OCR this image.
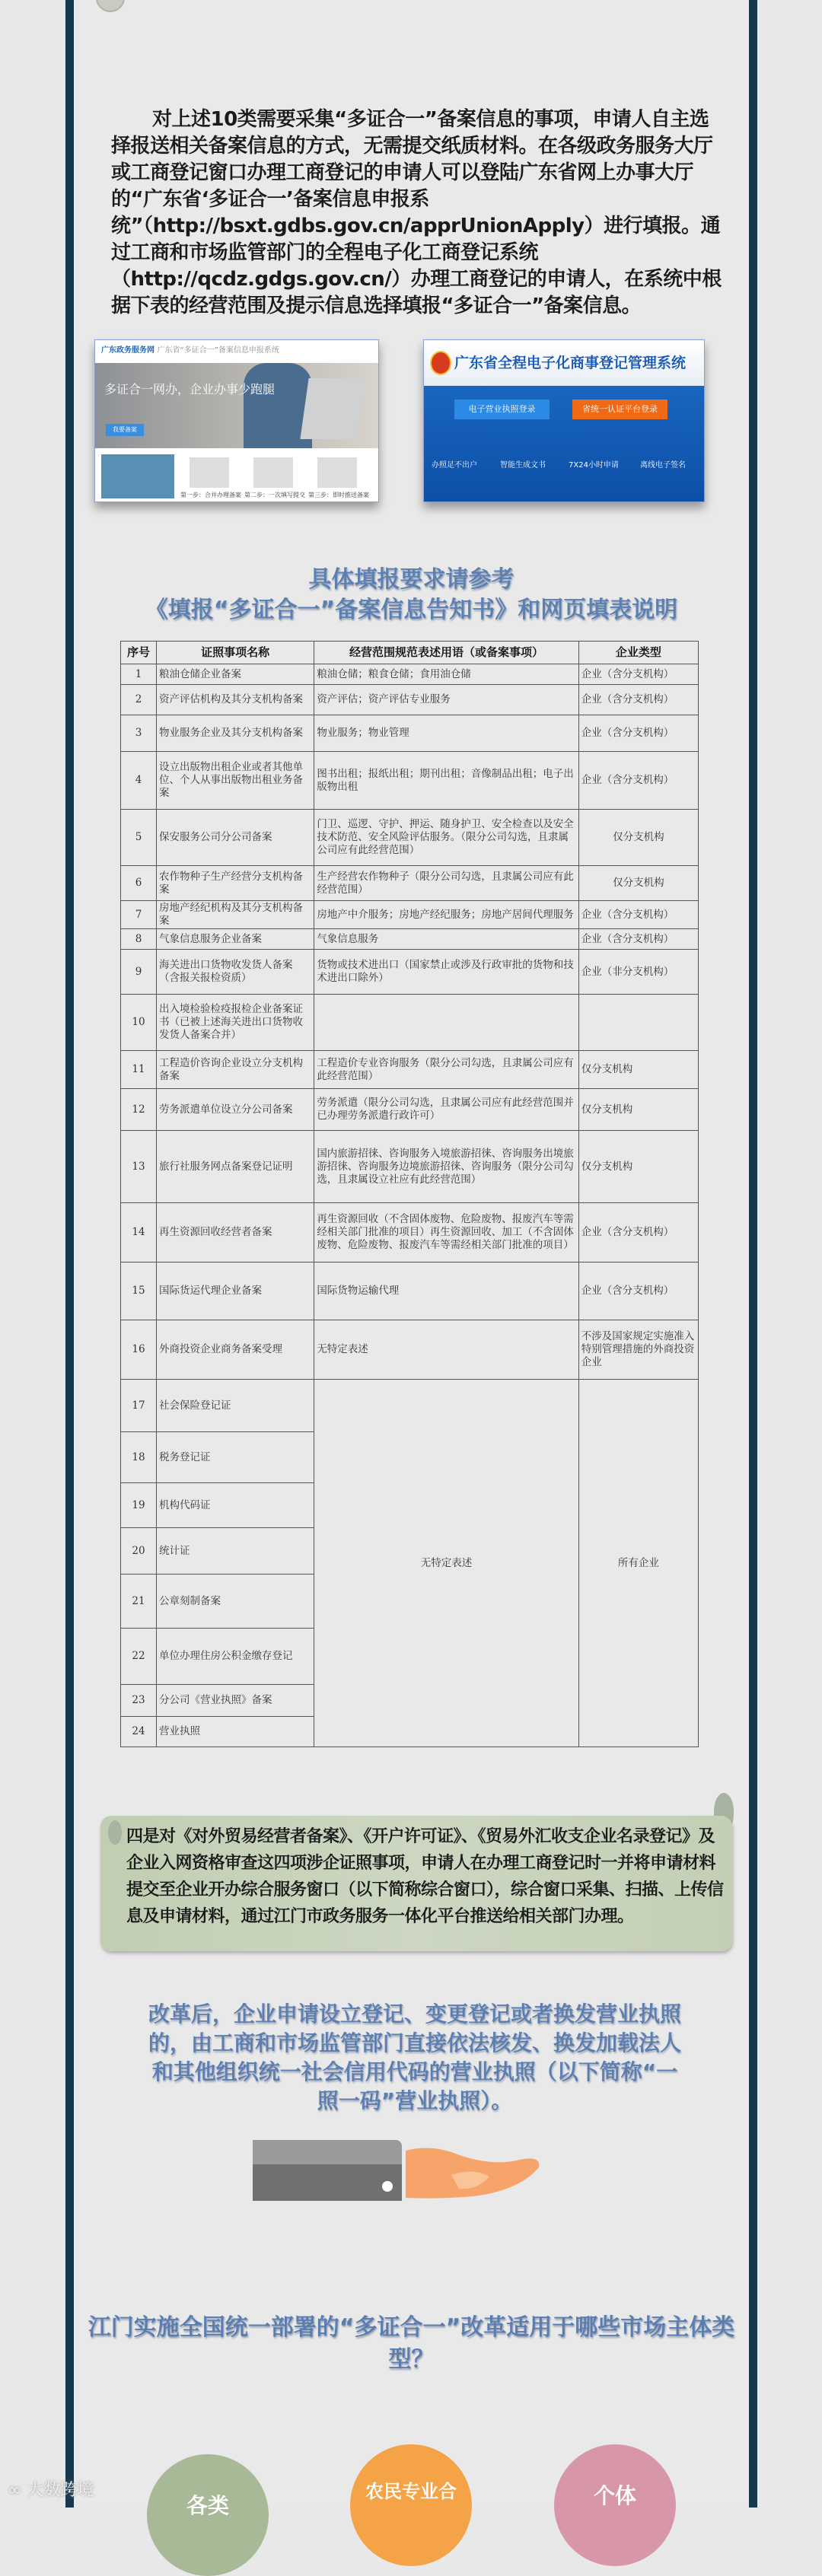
对上述10类需要采集“多证合一”备案信息的事项，申请人自主选择报送相关备案信息的方式，无需提交纸质材料。在各级政务服务大厅或工商登记窗口办理工商登记的申请人可以登陆广东省网上办事大厅的“广东省‘多证合一’备案信息申报系统”（http://bsxt.gdbs.gov.cn/apprUnionApply）进行填报。通过工商和市场监管部门的全程电子化工商登记系统（http://qcdz.gdgs.gov.cn/）办理工商登记的申请人，在系统中根据下表的经营范围及提示信息选择填报“多证合一”备案信息。

广东政务服务网 广东省“多证合一”备案信息申报系统
多证合一网办，企业办事少跑腿
我要备案
第一步：合并办理备案 第二步：一次填写提交 第三步：即时推送备案
广东省全程电子化商事登记管理系统
电子营业执照登录	省统一认证平台登录
办照足不出户	智能生成文书	7X24小时申请	离线电子签名
具体填报要求请参考
《填报“多证合一”备案信息告知书》和网页填表说明
序号	证照事项名称	经营范围规范表述用语（或备案事项）	企业类型
1	粮油仓储企业备案	粮油仓储；粮食仓储；食用油仓储	企业（含分支机构）
2	资产评估机构及其分支机构备案	资产评估；资产评估专业服务	企业（含分支机构）
3	物业服务企业及其分支机构备案	物业服务；物业管理	企业（含分支机构）
4	设立出版物出租企业或者其他单位、个人从事出版物出租业务备案	图书出租；报纸出租；期刊出租；音像制品出租；电子出版物出租	企业（含分支机构）
5	保安服务公司分公司备案	门卫、巡逻、守护、押运、随身护卫、安全检查以及安全技术防范、安全风险评估服务。（限分公司勾选，且隶属公司应有此经营范围）	仅分支机构
6	农作物种子生产经营分支机构备案	生产经营农作物种子（限分公司勾选，且隶属公司应有此经营范围）	仅分支机构
7	房地产经纪机构及其分支机构备案	房地产中介服务；房地产经纪服务；房地产居间代理服务	企业（含分支机构）
8	气象信息服务企业备案	气象信息服务	企业（含分支机构）
9	海关进出口货物收发货人备案（含报关报检资质）	货物或技术进出口（国家禁止或涉及行政审批的货物和技术进出口除外）	企业（非分支机构）
10	出入境检验检疫报检企业备案证书（已被上述海关进出口货物收发货人备案合并）		
11	工程造价咨询企业设立分支机构备案	工程造价专业咨询服务（限分公司勾选，且隶属公司应有此经营范围）	仅分支机构
12	劳务派遣单位设立分公司备案	劳务派遣（限分公司勾选，且隶属公司应有此经营范围并已办理劳务派遣行政许可）	仅分支机构
13	旅行社服务网点备案登记证明	国内旅游招徕、咨询服务入境旅游招徕、咨询服务出境旅游招徕、咨询服务边境旅游招徕、咨询服务（限分公司勾选，且隶属设立社应有此经营范围）	仅分支机构
14	再生资源回收经营者备案	再生资源回收（不含固体废物、危险废物、报废汽车等需经相关部门批准的项目）再生资源回收、加工（不含固体废物、危险废物、报废汽车等需经相关部门批准的项目）	企业（含分支机构）
15	国际货运代理企业备案	国际货物运输代理	企业（含分支机构）
16	外商投资企业商务备案受理	无特定表述	不涉及国家规定实施准入特别管理措施的外商投资企业
17	社会保险登记证	无特定表述	所有企业
18	税务登记证		
19	机构代码证		
20	统计证		
21	公章刻制备案		
22	单位办理住房公积金缴存登记		
23	分公司《营业执照》备案		
24	营业执照		
四是对《对外贸易经营者备案》、《开户许可证》、《贸易外汇收支企业名录登记》及企业入网资格审查这四项涉企证照事项，申请人在办理工商登记时一并将申请材料提交至企业开办综合服务窗口（以下简称综合窗口），综合窗口采集、扫描、上传信息及申请材料，通过江门市政务服务一体化平台推送给相关部门办理。
改革后，企业申请设立登记、变更登记或者换发营业执照的，由工商和市场监管部门直接依法核发、换发加载法人和其他组织统一社会信用代码的营业执照（以下简称“一照一码”营业执照）。
江门实施全国统一部署的“多证合一”改革适用于哪些市场主体类型？
各类
农民专业合	个体
∞ 大数跨境
